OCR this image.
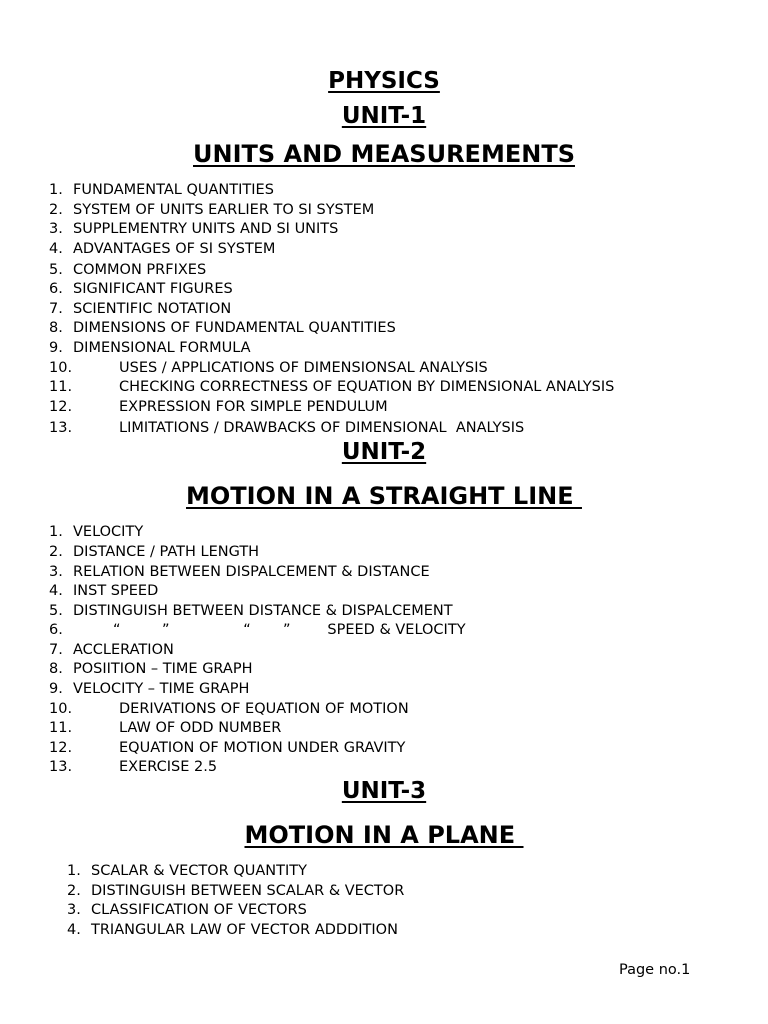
PHYSICS
UNIT-1
UNITS AND MEASUREMENTS
1. FUNDAMENTAL QUANTITIES
2. SYSTEM OF UNITS EARLIER TO SI SYSTEM
3. SUPPLEMENTRY UNITS AND SI UNITS
4. ADVANTAGES OF SI SYSTEM
5. COMMON PRFIXES
6. SIGNIFICANT FIGURES
7. SCIENTIFIC NOTATION
8. DIMENSIONS OF FUNDAMENTAL QUANTITIES
9. DIMENSIONAL FORMULA
10.	USES / APPLICATIONS OF DIMENSIONSAL ANALYSIS
11.	CHECKING CORRECTNESS OF EQUATION BY DIMENSIONAL ANALYSIS
12.	EXPRESSION FOR SIMPLE PENDULUM
13.	LIMITATIONS / DRAWBACKS OF DIMENSIONAL  ANALYSIS
UNIT-2
MOTION IN A STRAIGHT LINE
1. VELOCITY
2. DISTANCE / PATH LENGTH
3. RELATION BETWEEN DISPALCEMENT & DISTANCE
4. INST SPEED
5. DISTINGUISH BETWEEN DISTANCE & DISPALCEMENT
6.	“         ”                “       ”        SPEED & VELOCITY
7. ACCLERATION
8. POSIITION – TIME GRAPH
9. VELOCITY – TIME GRAPH
10.	DERIVATIONS OF EQUATION OF MOTION
11.	LAW OF ODD NUMBER
12.	EQUATION OF MOTION UNDER GRAVITY
13.	EXERCISE 2.5
UNIT-3
MOTION IN A PLANE
1. SCALAR & VECTOR QUANTITY
2. DISTINGUISH BETWEEN SCALAR & VECTOR
3. CLASSIFICATION OF VECTORS
4. TRIANGULAR LAW OF VECTOR ADDDITION
Page no.1
